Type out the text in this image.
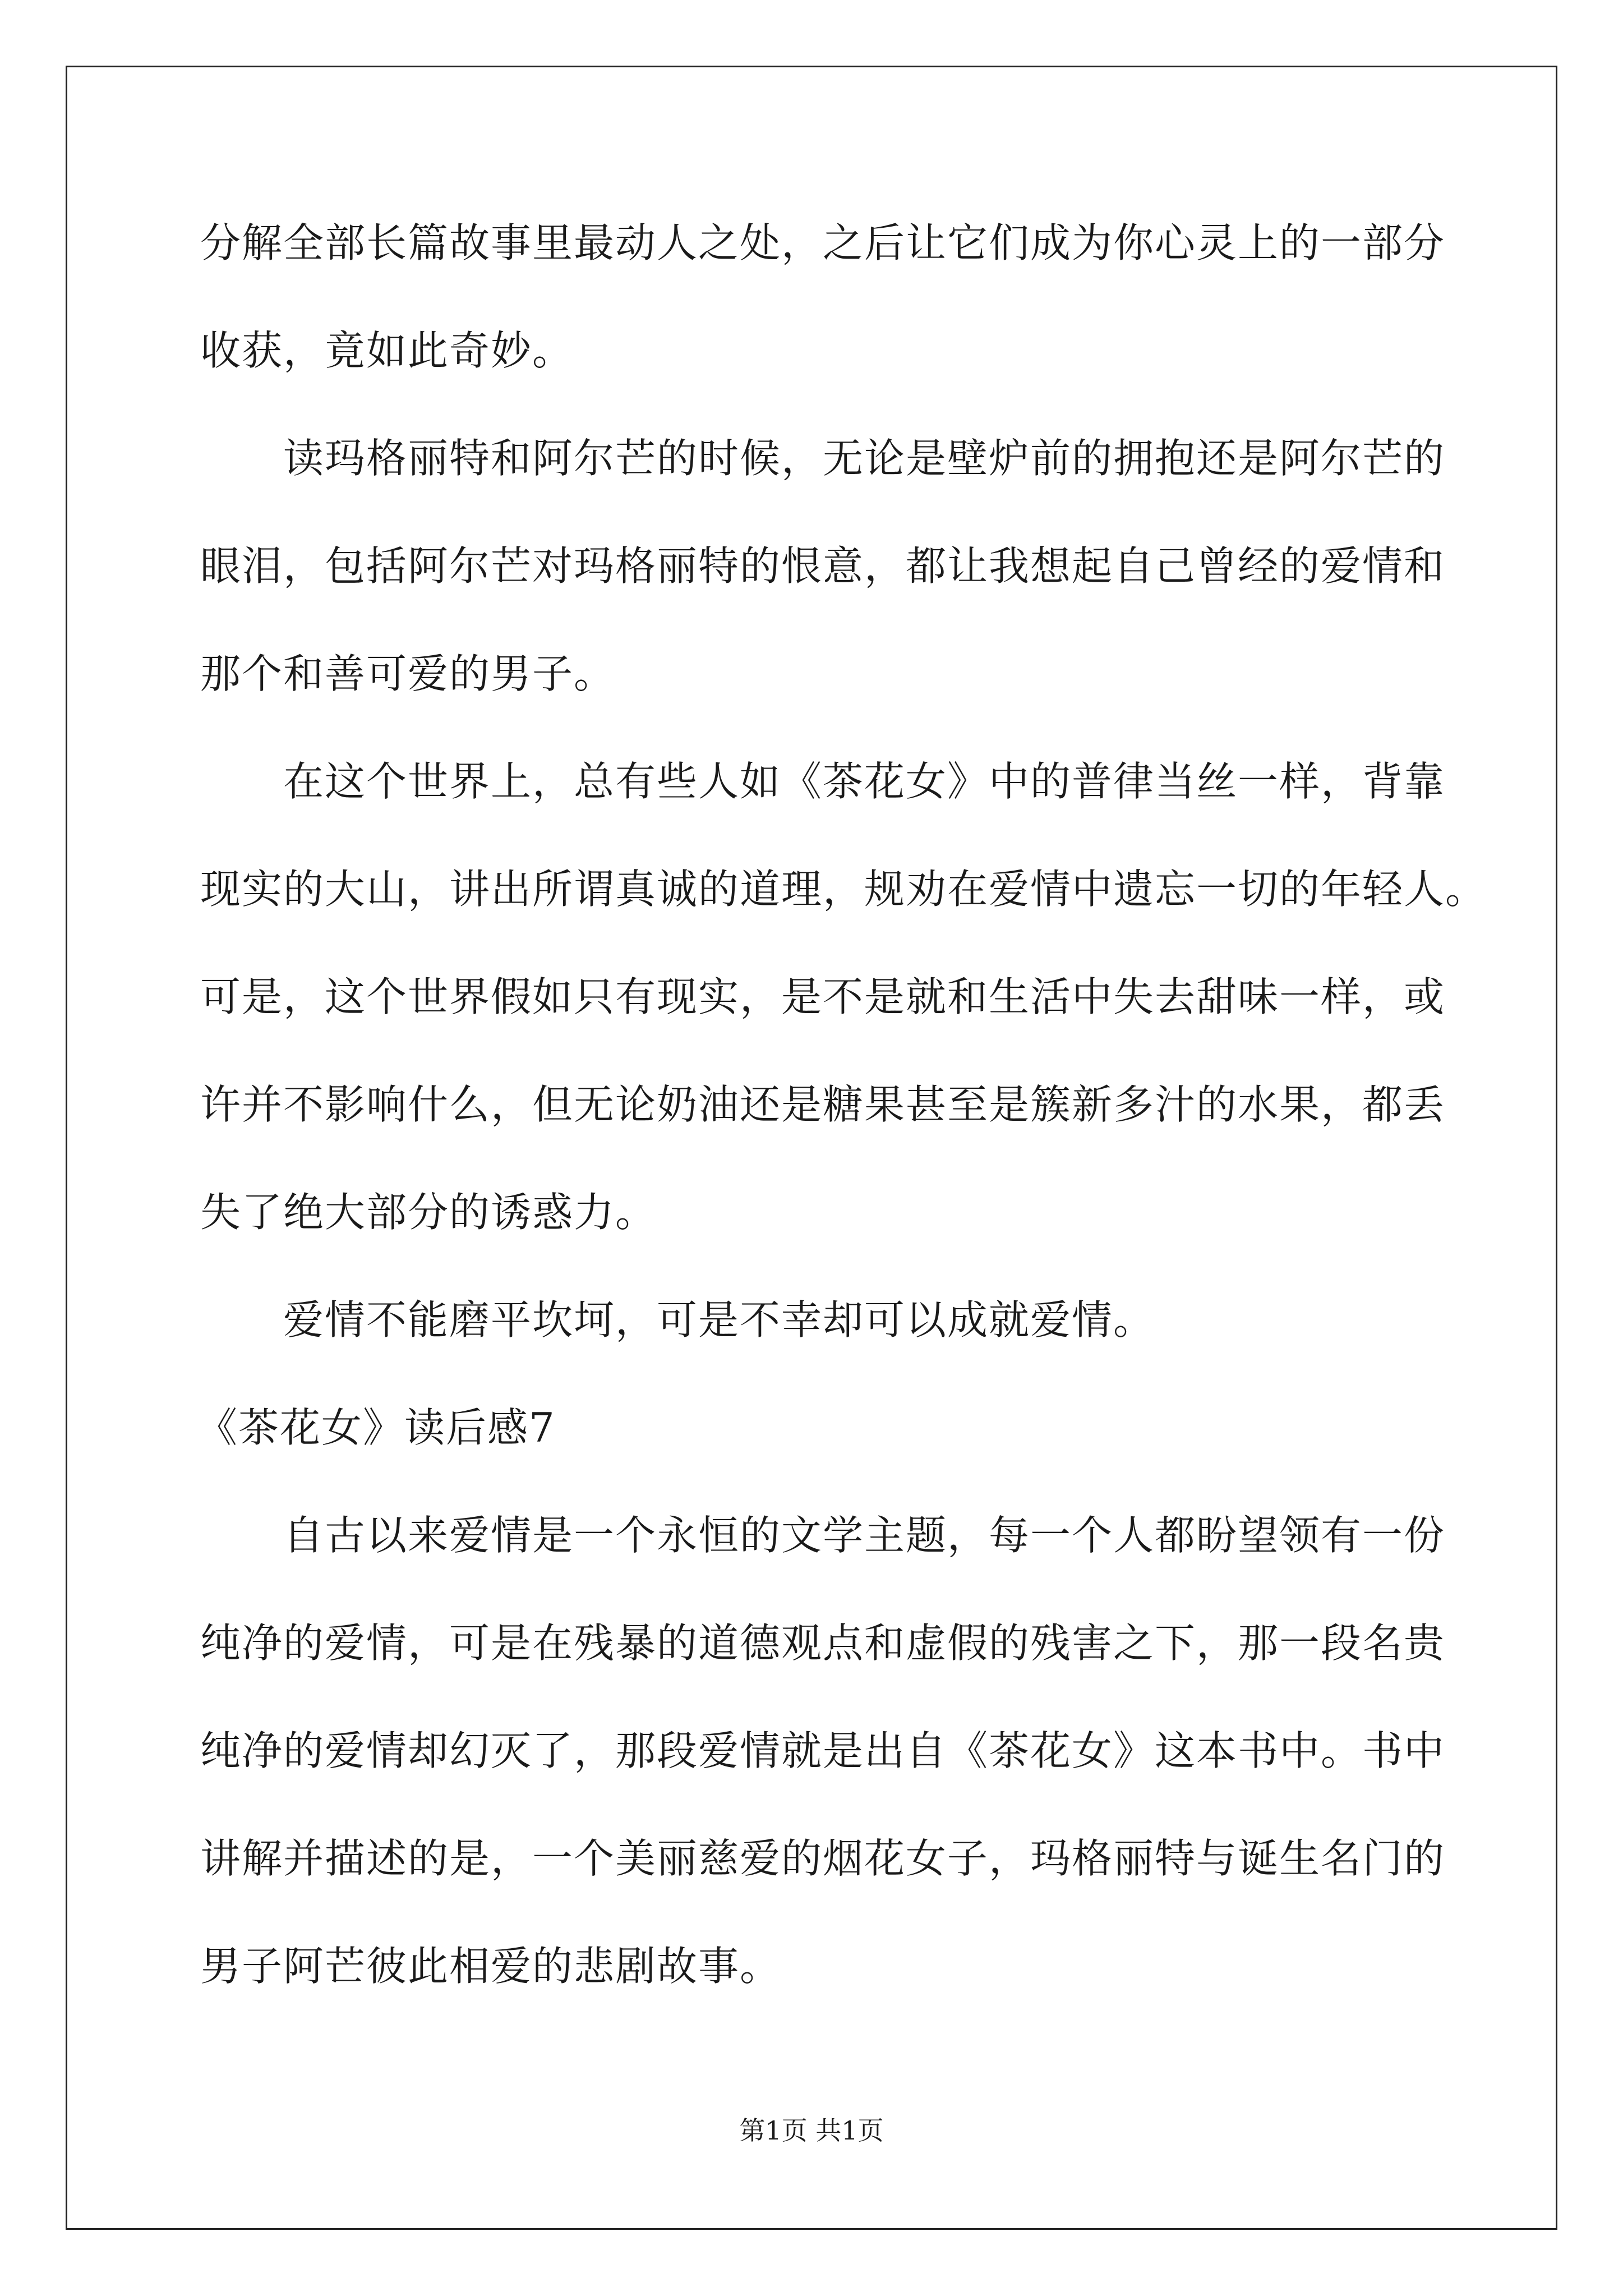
分解全部长篇故事里最动人之处，之后让它们成为你心灵上的一部分
收获，竟如此奇妙。
读玛格丽特和阿尔芒的时候，无论是壁炉前的拥抱还是阿尔芒的
眼泪，包括阿尔芒对玛格丽特的恨意，都让我想起自己曾经的爱情和
那个和善可爱的男子。
在这个世界上，总有些人如《茶花女》中的普律当丝一样，背靠
现实的大山，讲出所谓真诚的道理，规劝在爱情中遗忘一切的年轻人。
可是，这个世界假如只有现实，是不是就和生活中失去甜味一样，或
许并不影响什么，但无论奶油还是糖果甚至是簇新多汁的水果，都丢
失了绝大部分的诱惑力。
爱情不能磨平坎坷，可是不幸却可以成就爱情。
《茶花女》读后感7
自古以来爱情是一个永恒的文学主题，每一个人都盼望领有一份
纯净的爱情，可是在残暴的道德观点和虚假的残害之下，那一段名贵
纯净的爱情却幻灭了，那段爱情就是出自《茶花女》这本书中。书中
讲解并描述的是，一个美丽慈爱的烟花女子，玛格丽特与诞生名门的
男子阿芒彼此相爱的悲剧故事。
第1页 共1页
